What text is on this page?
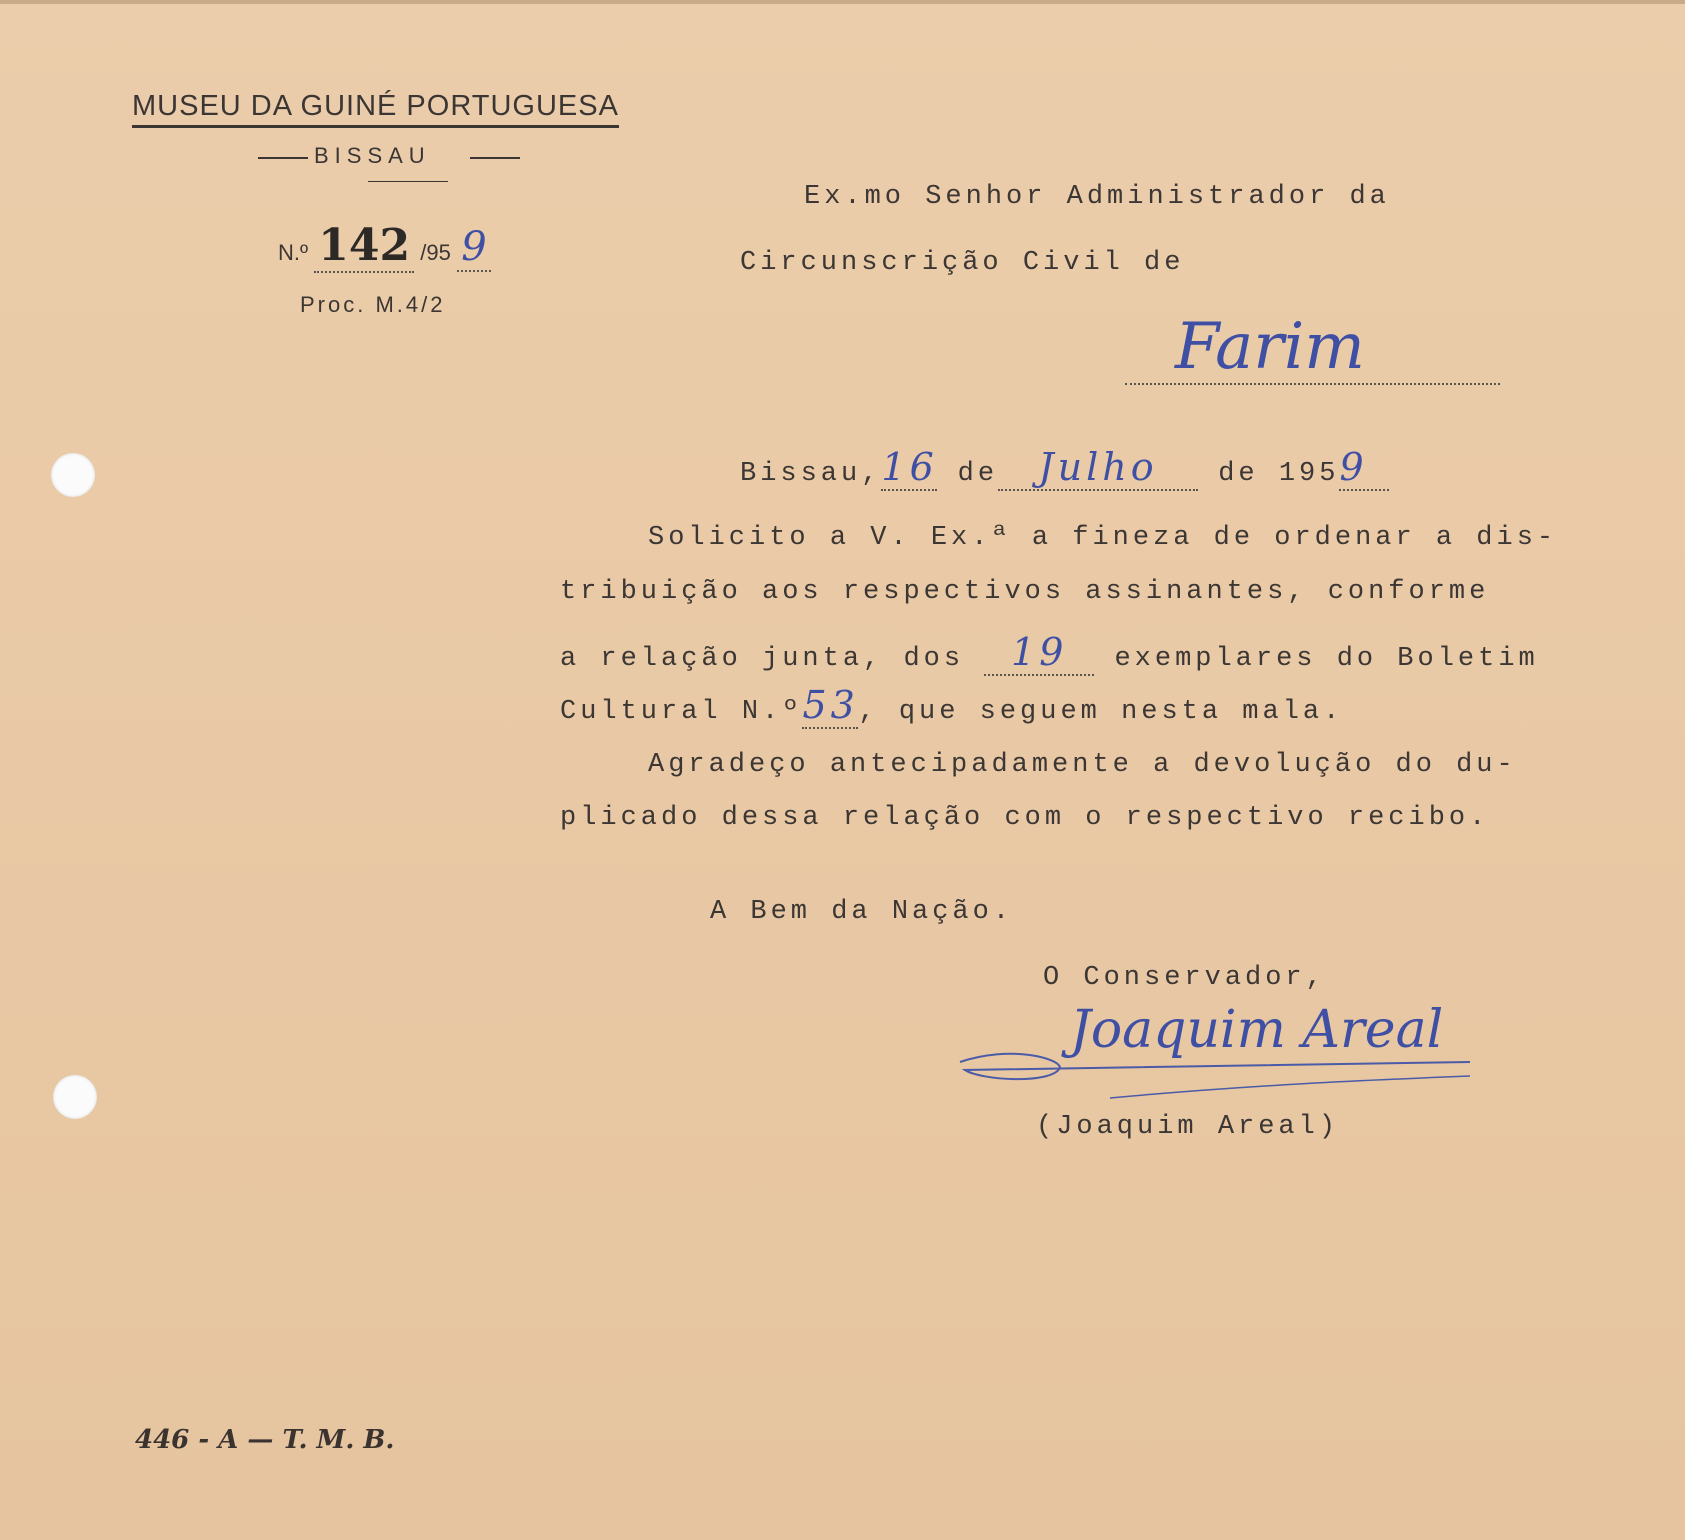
MUSEU DA GUINÉ PORTUGUESA
BISSAU
N.º 142 /95 9
Proc. M.4/2
Ex.mo Senhor Administrador da
Circunscrição Civil de
Farim
Bissau,16 de Julho de 1959
Solicito a V. Ex.ª a fineza de ordenar a dis-
tribuição aos respectivos assinantes, conforme
a relação junta, dos 19 exemplares do Boletim
Cultural N.º53, que seguem nesta mala.
Agradeço antecipadamente a devolução do du-
plicado dessa relação com o respectivo recibo.
A Bem da Nação.
O Conservador,
Joaquim Areal
(Joaquim Areal)
446 - A — T. M. B.
